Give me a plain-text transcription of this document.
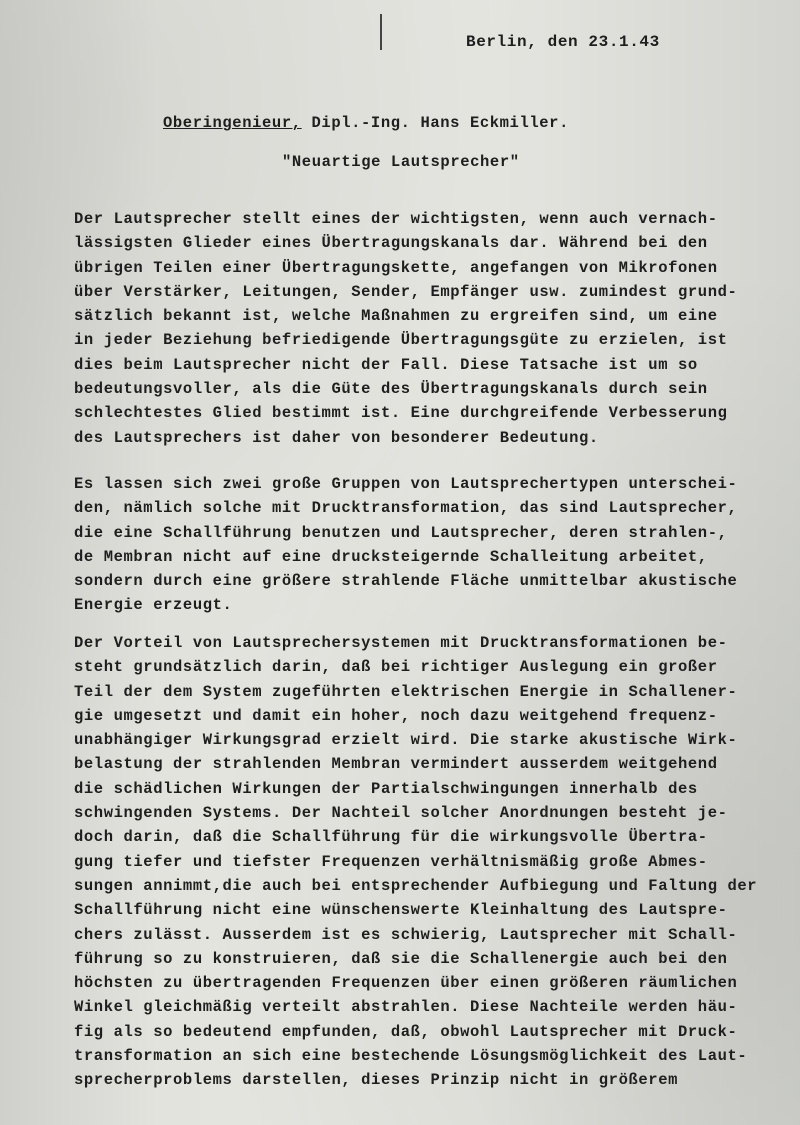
Berlin, den 23.1.43
Oberingenieur, Dipl.-Ing. Hans Eckmiller.
"Neuartige Lautsprecher"
Der Lautsprecher stellt eines der wichtigsten, wenn auch vernach-
lässigsten Glieder eines Übertragungskanals dar. Während bei den
übrigen Teilen einer Übertragungskette, angefangen von Mikrofonen
über Verstärker, Leitungen, Sender, Empfänger usw. zumindest grund-
sätzlich bekannt ist, welche Maßnahmen zu ergreifen sind, um eine
in jeder Beziehung befriedigende Übertragungsgüte zu erzielen, ist
dies beim Lautsprecher nicht der Fall. Diese Tatsache ist um so
bedeutungsvoller, als die Güte des Übertragungskanals durch sein
schlechtestes Glied bestimmt ist. Eine durchgreifende Verbesserung
des Lautsprechers ist daher von besonderer Bedeutung.
Es lassen sich zwei große Gruppen von Lautsprechertypen unterschei-
den, nämlich solche mit Drucktransformation, das sind Lautsprecher,
die eine Schallführung benutzen und Lautsprecher, deren strahlen-,
de Membran nicht auf eine drucksteigernde Schalleitung arbeitet,
sondern durch eine größere strahlende Fläche unmittelbar akustische
Energie erzeugt.
Der Vorteil von Lautsprechersystemen mit Drucktransformationen be-
steht grundsätzlich darin, daß bei richtiger Auslegung ein großer
Teil der dem System zugeführten elektrischen Energie in Schallener-
gie umgesetzt und damit ein hoher, noch dazu weitgehend frequenz-
unabhängiger Wirkungsgrad erzielt wird. Die starke akustische Wirk-
belastung der strahlenden Membran vermindert ausserdem weitgehend
die schädlichen Wirkungen der Partialschwingungen innerhalb des
schwingenden Systems. Der Nachteil solcher Anordnungen besteht je-
doch darin, daß die Schallführung für die wirkungsvolle Übertra-
gung tiefer und tiefster Frequenzen verhältnismäßig große Abmes-
sungen annimmt,die auch bei entsprechender Aufbiegung und Faltung der
Schallführung nicht eine wünschenswerte Kleinhaltung des Lautspre-
chers zulässt. Ausserdem ist es schwierig, Lautsprecher mit Schall-
führung so zu konstruieren, daß sie die Schallenergie auch bei den
höchsten zu übertragenden Frequenzen über einen größeren räumlichen
Winkel gleichmäßig verteilt abstrahlen. Diese Nachteile werden häu-
fig als so bedeutend empfunden, daß, obwohl Lautsprecher mit Druck-
transformation an sich eine bestechende Lösungsmöglichkeit des Laut-
sprecherproblems darstellen, dieses Prinzip nicht in größerem
